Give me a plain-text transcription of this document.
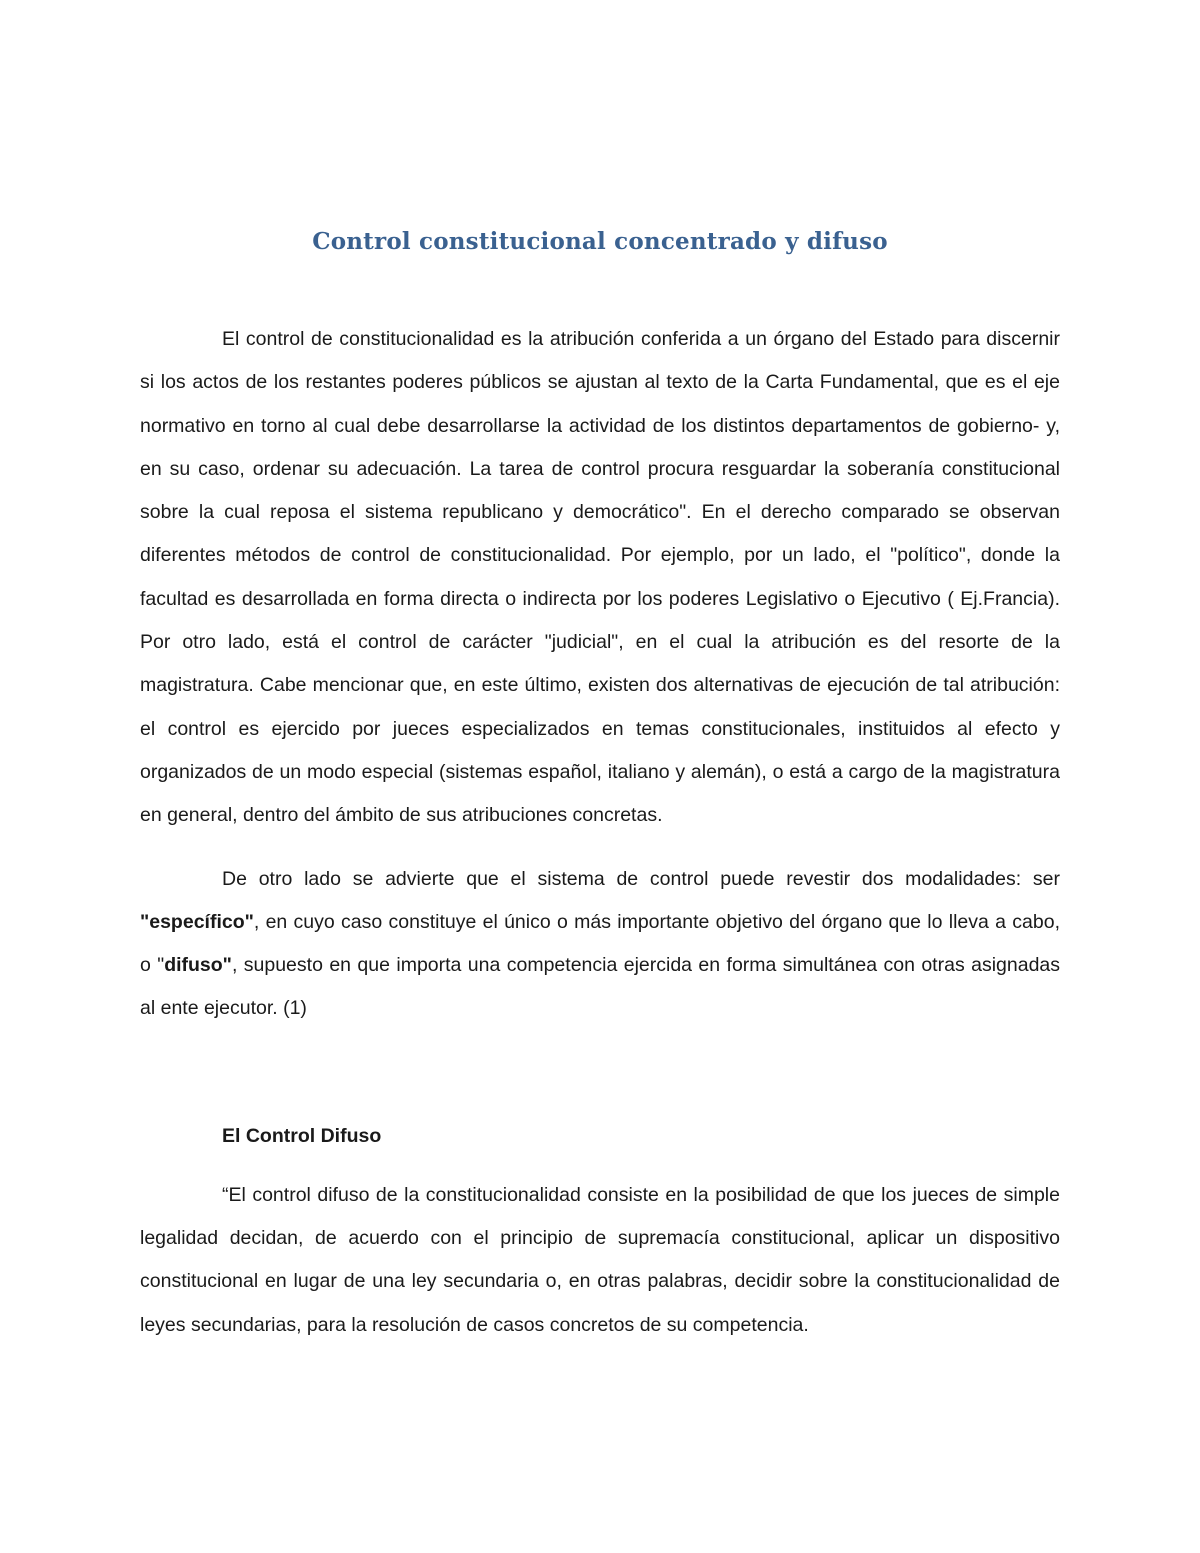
Control constitucional concentrado y difuso

El control de constitucionalidad es la atribución conferida a un órgano del Estado para discernir si los actos de los restantes poderes públicos se ajustan al texto de la Carta Fundamental, que es el eje normativo en torno al cual debe desarrollarse la actividad de los distintos departamentos de gobierno- y, en su caso, ordenar su adecuación. La tarea de control procura resguardar la soberanía constitucional sobre la cual reposa el sistema republicano y democrático". En el derecho comparado se observan diferentes métodos de control de constitucionalidad. Por ejemplo, por un lado, el "político", donde la facultad es desarrollada en forma directa o indirecta por los poderes Legislativo o Ejecutivo ( Ej.Francia). Por otro lado, está el control de carácter "judicial", en el cual la atribución es del resorte de la magistratura. Cabe mencionar que, en este último, existen dos alternativas de ejecución de tal atribución: el control es ejercido por jueces especializados en temas constitucionales, instituidos al efecto y organizados de un modo especial (sistemas español, italiano y alemán), o está a cargo de la magistratura en general, dentro del ámbito de sus atribuciones concretas.

De otro lado se advierte que el sistema de control puede revestir dos modalidades: ser "específico", en cuyo caso constituye el único o más importante objetivo del órgano que lo lleva a cabo, o "difuso", supuesto en que importa una competencia ejercida en forma simultánea con otras asignadas al ente ejecutor. (1)

El Control Difuso

“El control difuso de la constitucionalidad consiste en la posibilidad de que los jueces de simple legalidad decidan, de acuerdo con el principio de supremacía constitucional, aplicar un dispositivo constitucional en lugar de una ley secundaria o, en otras palabras, decidir sobre la constitucionalidad de leyes secundarias, para la resolución de casos concretos de su competencia.
